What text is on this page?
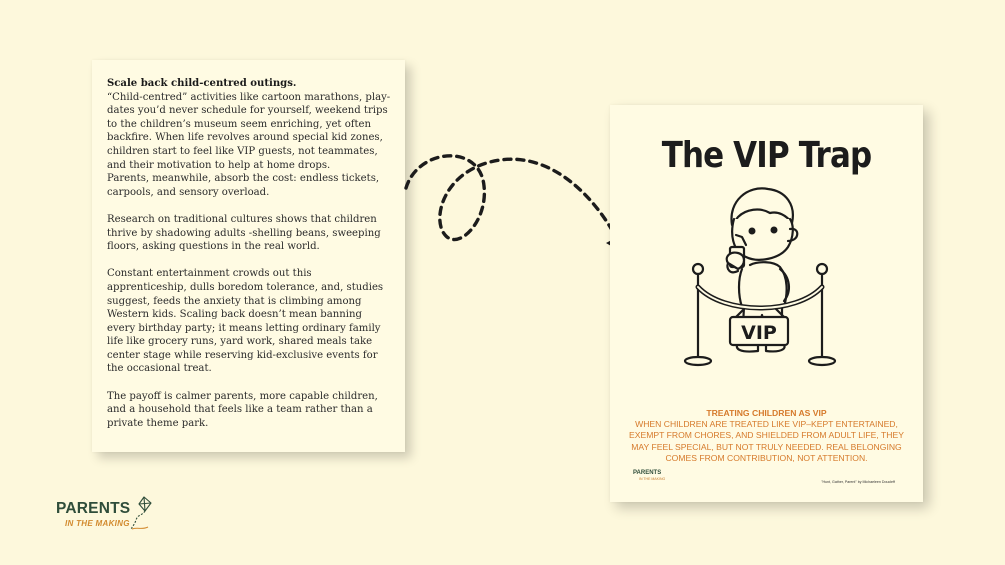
Scale back child-centred outings.

“Child-centred” activities like cartoon marathons, play-dates you’d never schedule for yourself, weekend trips to the children’s museum seem enriching, yet often backfire. When life revolves around special kid zones, children start to feel like VIP guests, not teammates, and their motivation to help at home drops.

Parents, meanwhile, absorb the cost: endless tickets, carpools, and sensory overload.

Research on traditional cultures shows that children thrive by shadowing adults -shelling beans, sweeping floors, asking questions in the real world.

Constant entertainment crowds out this apprenticeship, dulls boredom tolerance, and, studies suggest, feeds the anxiety that is climbing among Western kids. Scaling back doesn’t mean banning every birthday party; it means letting ordinary family life like grocery runs, yard work, shared meals take center stage while reserving kid-exclusive events for the occasional treat.

The payoff is calmer parents, more capable children, and a household that feels like a team rather than a private theme park.

The VIP Trap
VIP
TREATING CHILDREN AS VIP
WHEN CHILDREN ARE TREATED LIKE VIP–KEPT ENTERTAINED, EXEMPT FROM CHORES, AND SHIELDED FROM ADULT LIFE, THEY MAY FEEL SPECIAL, BUT NOT TRULY NEEDED. REAL BELONGING COMES FROM CONTRIBUTION, NOT ATTENTION.
PARENTS
IN THE MAKING
"Hunt, Gather, Parent" by Michaeleen Doucleff
PARENTS
IN THE MAKING
